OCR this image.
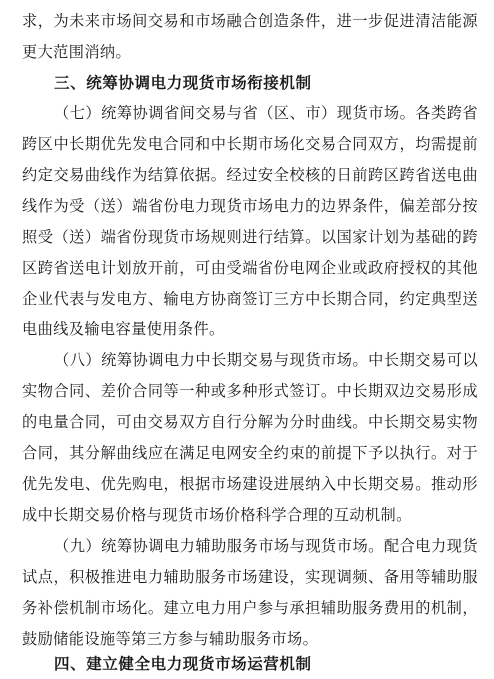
求，为未来市场间交易和市场融合创造条件，进一步促进清洁能源
更大范围消纳。
三、统筹协调电力现货市场衔接机制
（七）统筹协调省间交易与省（区、市）现货市场。各类跨省
跨区中长期优先发电合同和中长期市场化交易合同双方，均需提前
约定交易曲线作为结算依据。经过安全校核的日前跨区跨省送电曲
线作为受（送）端省份电力现货市场电力的边界条件，偏差部分按
照受（送）端省份现货市场规则进行结算。以国家计划为基础的跨
区跨省送电计划放开前，可由受端省份电网企业或政府授权的其他
企业代表与发电方、输电方协商签订三方中长期合同，约定典型送
电曲线及输电容量使用条件。
（八）统筹协调电力中长期交易与现货市场。中长期交易可以
实物合同、差价合同等一种或多种形式签订。中长期双边交易形成
的电量合同，可由交易双方自行分解为分时曲线。中长期交易实物
合同，其分解曲线应在满足电网安全约束的前提下予以执行。对于
优先发电、优先购电，根据市场建设进展纳入中长期交易。推动形
成中长期交易价格与现货市场价格科学合理的互动机制。
（九）统筹协调电力辅助服务市场与现货市场。配合电力现货
试点，积极推进电力辅助服务市场建设，实现调频、备用等辅助服
务补偿机制市场化。建立电力用户参与承担辅助服务费用的机制，
鼓励储能设施等第三方参与辅助服务市场。
四、建立健全电力现货市场运营机制
